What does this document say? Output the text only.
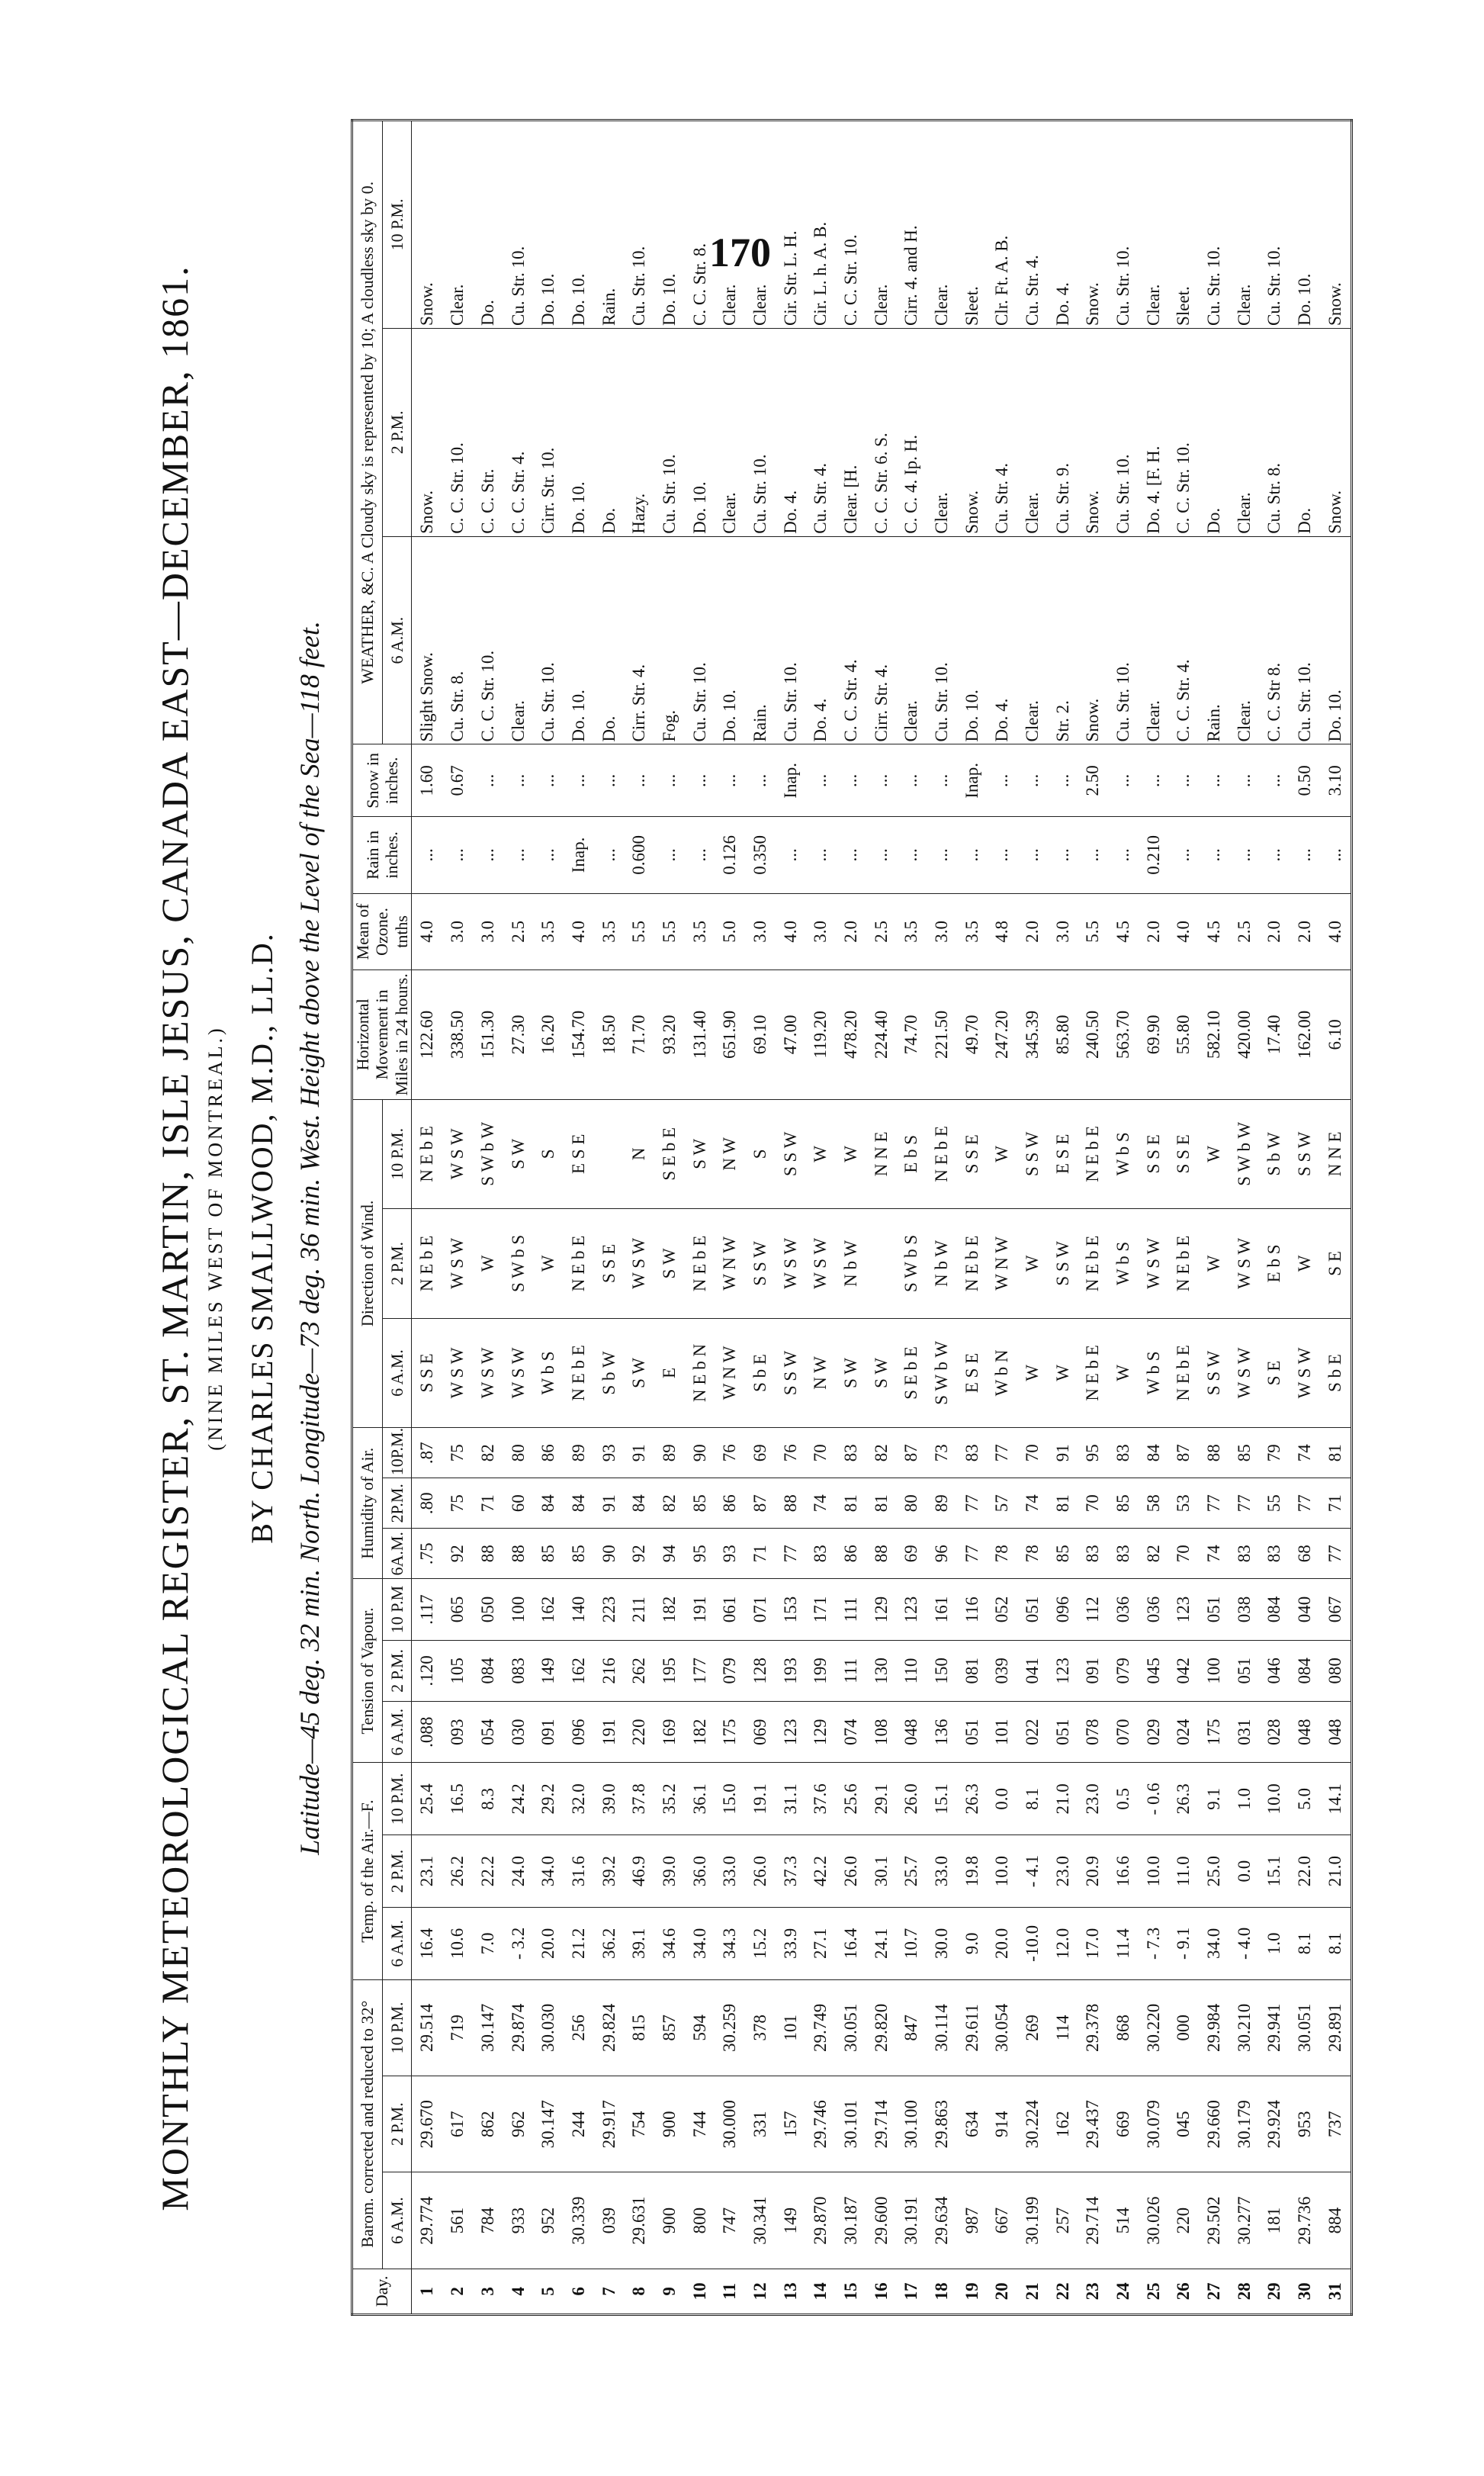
170
MONTHLY METEOROLOGICAL REGISTER, ST. MARTIN, ISLE JESUS, CANADA EAST—DECEMBER, 1861. (NINE MILES WEST OF MONTREAL.) BY CHARLES SMALLWOOD, M.D., LL.D. Latitude—45 deg. 32 min. North. Longitude—73 deg. 36 min. West. Height above the Level of the Sea—118 feet.
Day.	Barom. corrected and reduced to 32°			Temp. of the Air.—F.			Tension of Vapour.			Humidity of Air.			Direction of Wind.			Horizontal Movement in Miles in 24 hours.	Mean of Ozone. tnths	Rain in inches.	Snow in inches.	WEATHER, &C. A Cloudy sky is represented by 10; A cloudless sky by 0.		
	6 A.M.	2 P.M.	10 P.M.	6 A.M.	2 P.M.	10 P.M.	6 A.M.	2 P.M.	10 P.M	6A.M.	2P.M.	10P.M.	6 A.M.	2 P.M.	10 P.M.					6 A.M.	2 P.M.	10 P.M.
1	29.774	29.670	29.514	16.4	23.1	25.4	.088	.120	.117	.75	.80	.87	S S E	N E b E	N E b E	122.60	4.0	...	1.60	Slight Snow.	Snow.	Snow.
2	561	617	719	10.6	26.2	16.5	093	105	065	92	75	75	W S W	W S W	W S W	338.50	3.0	...	0.67	Cu. Str. 8.	C. C. Str. 10.	Clear.
3	784	862	30.147	7.0	22.2	8.3	054	084	050	88	71	82	W S W	W	S W b W	151.30	3.0	...	...	C. C. Str. 10.	C. C. Str.	Do.
4	933	962	29.874	- 3.2	24.0	24.2	030	083	100	88	60	80	W S W	S W b S	S W	27.30	2.5	...	...	Clear.	C. C. Str. 4.	Cu. Str. 10.
5	952	30.147	30.030	20.0	34.0	29.2	091	149	162	85	84	86	W b S	W	S	16.20	3.5	...	...	Cu. Str. 10.	Cirr. Str. 10.	Do. 10.
6	30.339	244	256	21.2	31.6	32.0	096	162	140	85	84	89	N E b E	N E b E	E S E	154.70	4.0	Inap.	...	Do. 10.	Do. 10.	Do. 10.
7	039	29.917	29.824	36.2	39.2	39.0	191	216	223	90	91	93	S b W	S S E		18.50	3.5	...	...	Do.	Do.	Rain.
8	29.631	754	815	39.1	46.9	37.8	220	262	211	92	84	91	S W	W S W	N	71.70	5.5	0.600	...	Cirr. Str. 4.	Hazy.	Cu. Str. 10.
9	900	900	857	34.6	39.0	35.2	169	195	182	94	82	89	E	S W	S E b E	93.20	5.5	...	...	Fog.	Cu. Str. 10.	Do. 10.
10	800	744	594	34.0	36.0	36.1	182	177	191	95	85	90	N E b N	N E b E	S W	131.40	3.5	...	...	Cu. Str. 10.	Do. 10.	C. C. Str. 8.
11	747	30.000	30.259	34.3	33.0	15.0	175	079	061	93	86	76	W N W	W N W	N W	651.90	5.0	0.126	...	Do. 10.	Clear.	Clear.
12	30.341	331	378	15.2	26.0	19.1	069	128	071	71	87	69	S b E	S S W	S	69.10	3.0	0.350	...	Rain.	Cu. Str. 10.	Clear.
13	149	157	101	33.9	37.3	31.1	123	193	153	77	88	76	S S W	W S W	S S W	47.00	4.0	...	Inap.	Cu. Str. 10.	Do. 4.	Cir. Str. L. H.
14	29.870	29.746	29.749	27.1	42.2	37.6	129	199	171	83	74	70	N W	W S W	W	119.20	3.0	...	...	Do. 4.	Cu. Str. 4.	Cir. L. h. A. B.
15	30.187	30.101	30.051	16.4	26.0	25.6	074	111	111	86	81	83	S W	N b W	W	478.20	2.0	...	...	C. C. Str. 4.	Clear. [H.	C. C. Str. 10.
16	29.600	29.714	29.820	24.1	30.1	29.1	108	130	129	88	81	82	S W		N N E	224.40	2.5	...	...	Cirr. Str. 4.	C. C. Str. 6. S.	Clear.
17	30.191	30.100	847	10.7	25.7	26.0	048	110	123	69	80	87	S E b E	S W b S	E b S	74.70	3.5	...	...	Clear.	C. C. 4. Ip. H.	Cirr. 4. and H.
18	29.634	29.863	30.114	30.0	33.0	15.1	136	150	161	96	89	73	S W b W	N b W	N E b E	221.50	3.0	...	...	Cu. Str. 10.	Clear.	Clear.
19	987	634	29.611	9.0	19.8	26.3	051	081	116	77	77	83	E S E	N E b E	S S E	49.70	3.5	...	Inap.	Do. 10.	Snow.	Sleet.
20	667	914	30.054	20.0	10.0	0.0	101	039	052	78	57	77	W b N	W N W	W	247.20	4.8	...	...	Do. 4.	Cu. Str. 4.	Clr. Ft. A. B.
21	30.199	30.224	269	-10.0	- 4.1	8.1	022	041	051	78	74	70	W	W	S S W	345.39	2.0	...	...	Clear.	Clear.	Cu. Str. 4.
22	257	162	114	12.0	23.0	21.0	051	123	096	85	81	91	W	S S W	E S E	85.80	3.0	...	...	Str. 2.	Cu. Str. 9.	Do. 4.
23	29.714	29.437	29.378	17.0	20.9	23.0	078	091	112	83	70	95	N E b E	N E b E	N E b E	240.50	5.5	...	2.50	Snow.	Snow.	Snow.
24	514	669	868	11.4	16.6	0.5	070	079	036	83	85	83	W	W b S	W b S	563.70	4.5	...	...	Cu. Str. 10.	Cu. Str. 10.	Cu. Str. 10.
25	30.026	30.079	30.220	- 7.3	10.0	- 0.6	029	045	036	82	58	84	W b S	W S W	S S E	69.90	2.0	0.210	...	Clear.	Do. 4. [F. H.	Clear.
26	220	045	000	- 9.1	11.0	26.3	024	042	123	70	53	87	N E b E	N E b E	S S E	55.80	4.0	...	...	C. C. Str. 4.	C. C. Str. 10.	Sleet.
27	29.502	29.660	29.984	34.0	25.0	9.1	175	100	051	74	77	88	S S W	W	W	582.10	4.5	...	...	Rain.	Do.	Cu. Str. 10.
28	30.277	30.179	30.210	- 4.0	0.0	1.0	031	051	038	83	77	85	W S W	W S W	S W b W	420.00	2.5	...	...	Clear.	Clear.	Clear.
29	181	29.924	29.941	1.0	15.1	10.0	028	046	084	83	55	79	S E	E b S	S b W	17.40	2.0	...	...	C. C. Str 8.	Cu. Str. 8.	Cu. Str. 10.
30	29.736	953	30.051	8.1	22.0	5.0	048	084	040	68	77	74	W S W	W	S S W	162.00	2.0	...	0.50	Cu. Str. 10.	Do.	Do. 10.
31	884	737	29.891	8.1	21.0	14.1	048	080	067	77	71	81	S b E	S E	N N E	6.10	4.0	...	3.10	Do. 10.	Snow.	Snow.
